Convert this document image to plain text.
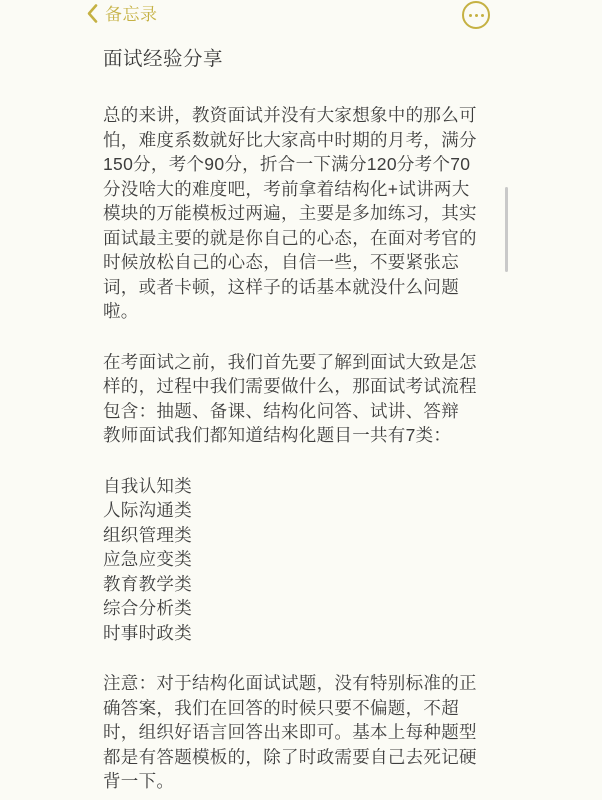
备忘录
面试经验分享
总的来讲，教资面试并没有大家想象中的那么可
怕，难度系数就好比大家高中时期的月考，满分
150分，考个90分，折合一下满分120分考个70
分没啥大的难度吧，考前拿着结构化+试讲两大
模块的万能模板过两遍，主要是多加练习，其实
面试最主要的就是你自己的心态，在面对考官的
时候放松自己的心态，自信一些，不要紧张忘
词，或者卡顿，这样子的话基本就没什么问题
啦。
在考面试之前，我们首先要了解到面试大致是怎
样的，过程中我们需要做什么，那面试考试流程
包含：抽题、备课、结构化问答、试讲、答辩
教师面试我们都知道结构化题目一共有7类：
自我认知类
人际沟通类
组织管理类
应急应变类
教育教学类
综合分析类
时事时政类
注意：对于结构化面试试题，没有特别标准的正
确答案，我们在回答的时候只要不偏题，不超
时，组织好语言回答出来即可。基本上每种题型
都是有答题模板的，除了时政需要自己去死记硬
背一下。
